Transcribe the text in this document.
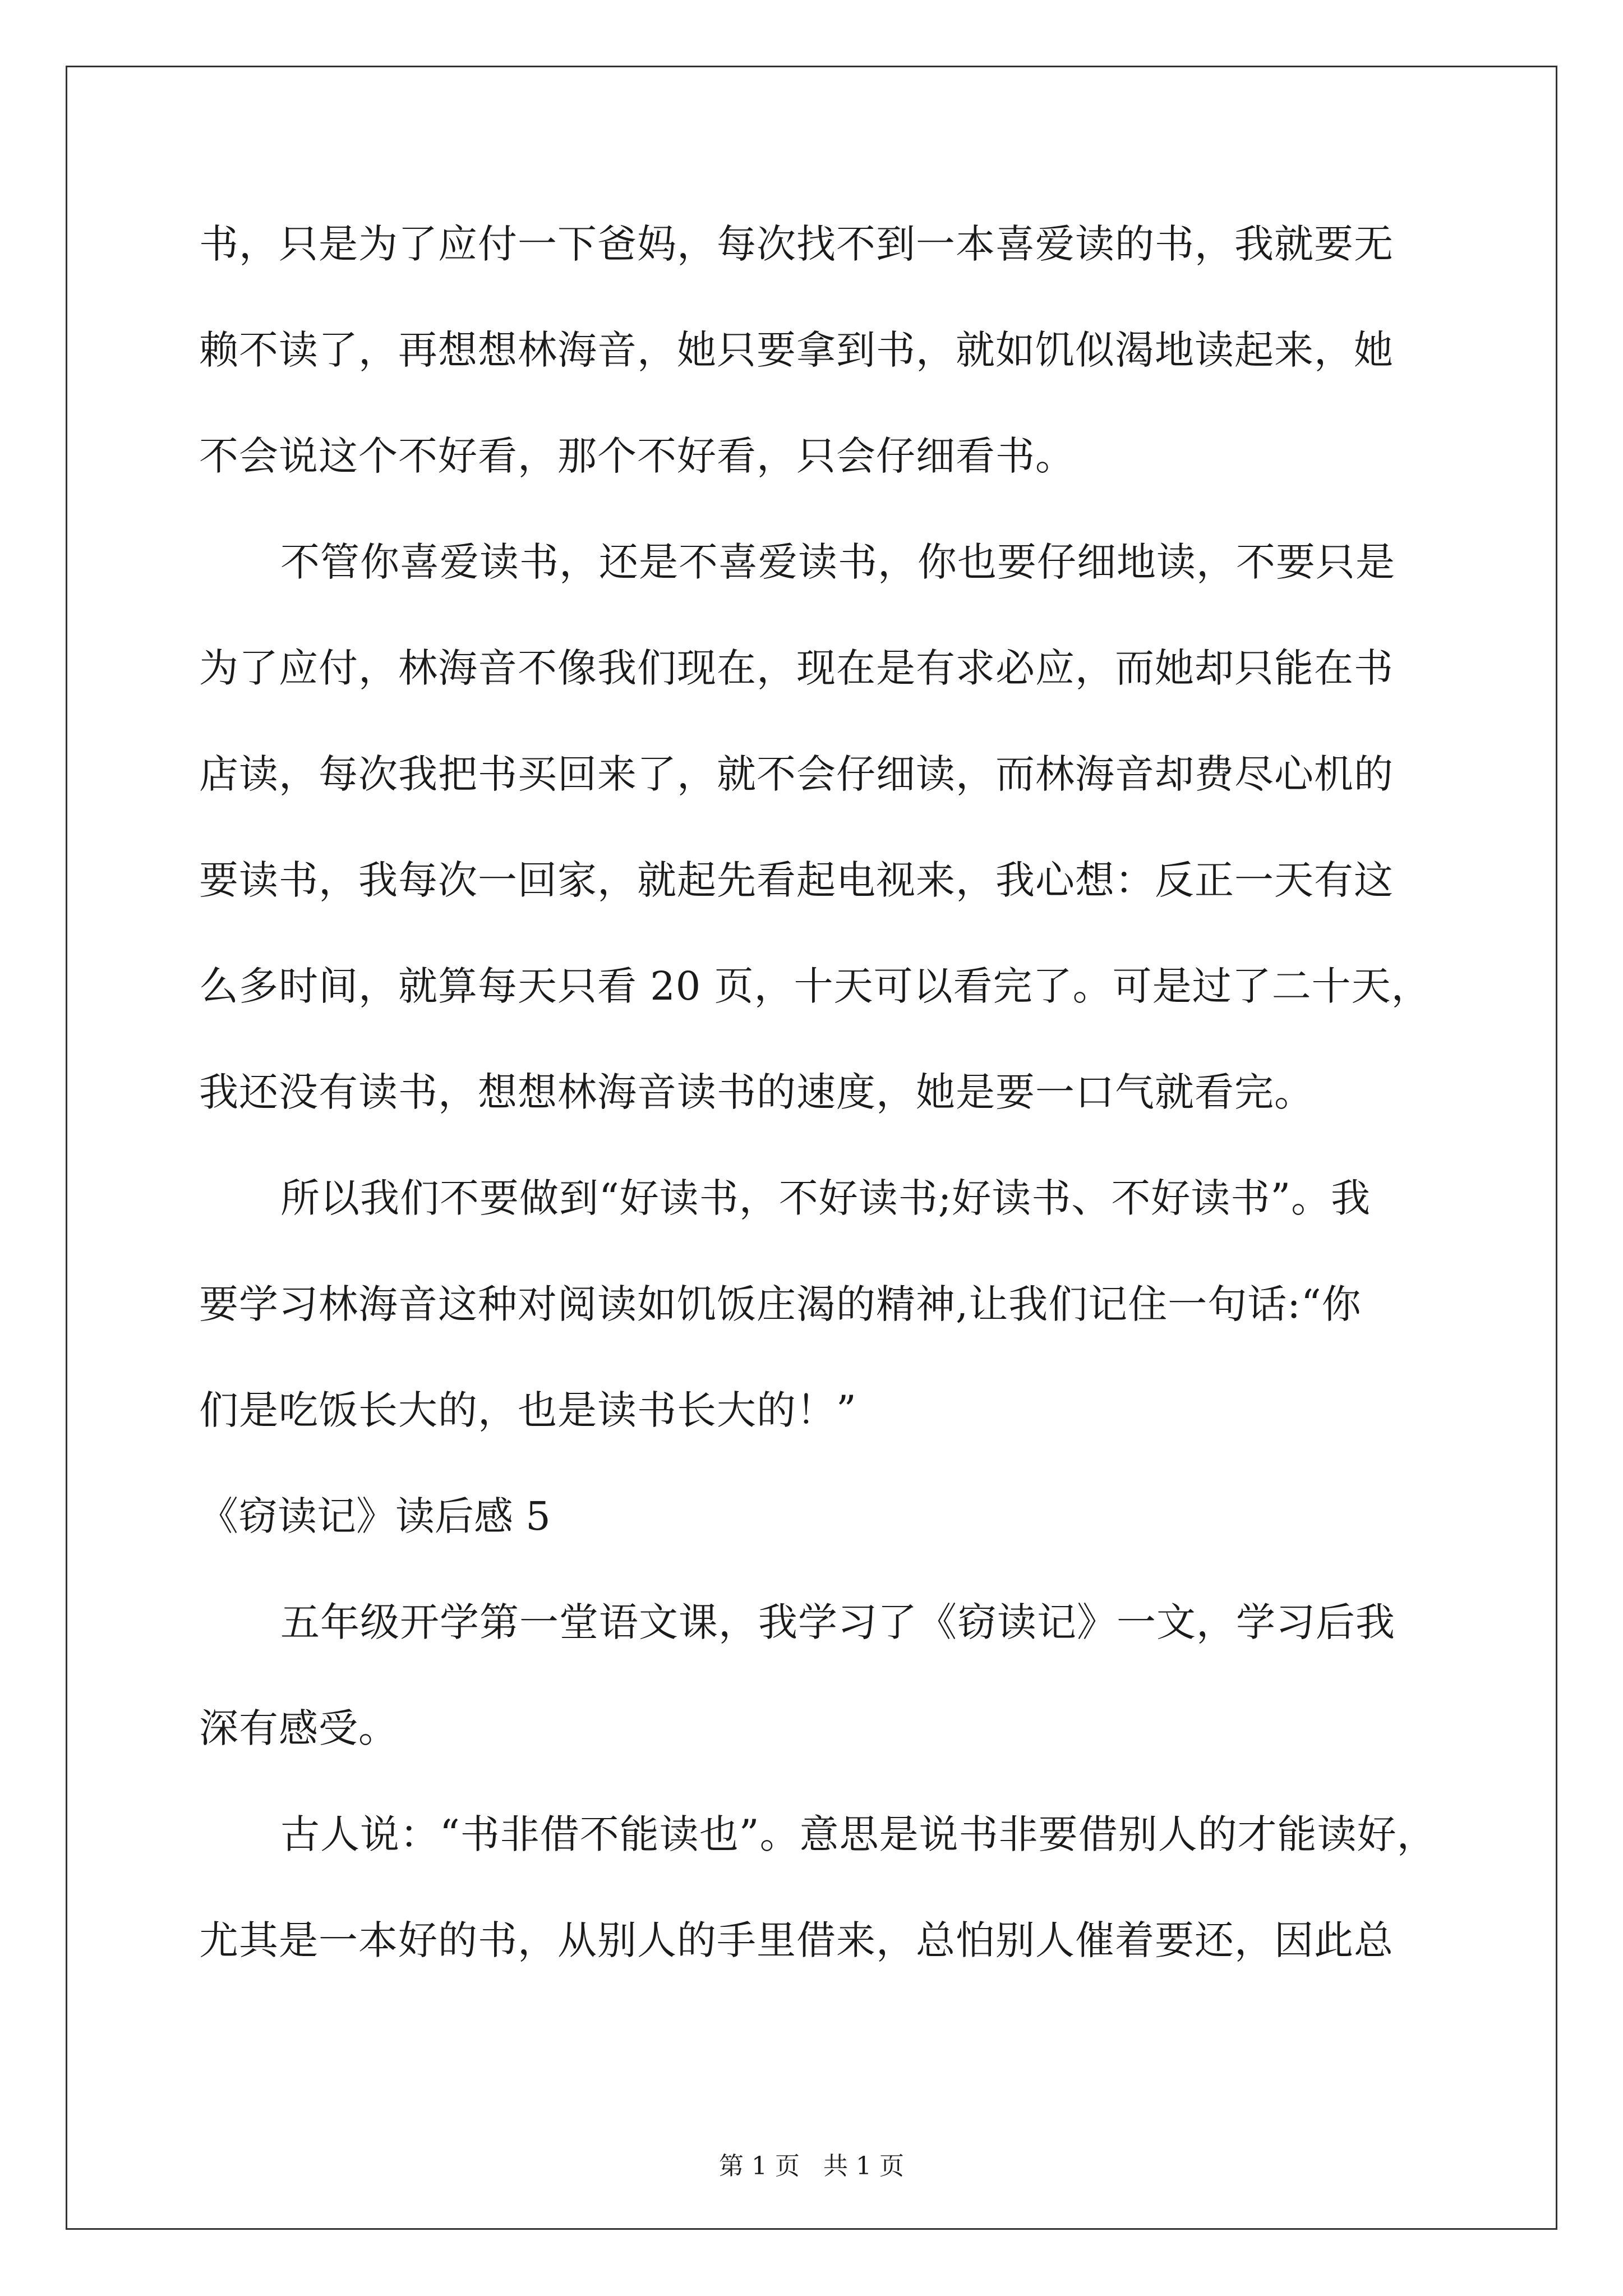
书，只是为了应付一下爸妈，每次找不到一本喜爱读的书，我就要无
赖不读了，再想想林海音，她只要拿到书，就如饥似渴地读起来，她
不会说这个不好看，那个不好看，只会仔细看书。
不管你喜爱读书，还是不喜爱读书，你也要仔细地读，不要只是
为了应付，林海音不像我们现在，现在是有求必应，而她却只能在书
店读，每次我把书买回来了，就不会仔细读，而林海音却费尽心机的
要读书，我每次一回家，就起先看起电视来，我心想：反正一天有这
么多时间，就算每天只看 20 页，十天可以看完了。可是过了二十天，
我还没有读书，想想林海音读书的速度，她是要一口气就看完。
所以我们不要做到“好读书，不好读书;好读书、不好读书”。我
要学习林海音这种对阅读如饥饭庄渴的精神,让我们记住一句话:“你
们是吃饭长大的，也是读书长大的！”
《窃读记》读后感 5
五年级开学第一堂语文课，我学习了《窃读记》一文，学习后我
深有感受。
古人说：“书非借不能读也”。意思是说书非要借别人的才能读好，
尤其是一本好的书，从别人的手里借来，总怕别人催着要还，因此总
第 1 页   共 1 页
